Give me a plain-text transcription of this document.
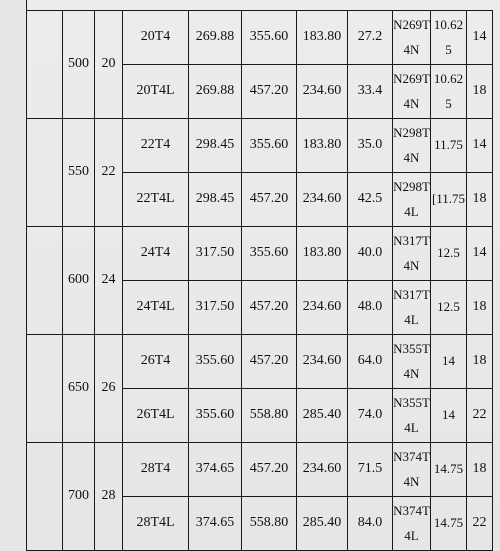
	500	20	20T4	269.88	355.60	183.80	27.2	N269T4N	10.625	14
			20T4L	269.88	457.20	234.60	33.4	N269T4N	10.625	18
	550	22	22T4	298.45	355.60	183.80	35.0	N298T4N	11.75	14
			22T4L	298.45	457.20	234.60	42.5	N298T4L	[11.75	18
	600	24	24T4	317.50	355.60	183.80	40.0	N317T4N	12.5	14
			24T4L	317.50	457.20	234.60	48.0	N317T4L	12.5	18
	650	26	26T4	355.60	457.20	234.60	64.0	N355T4N	14	18
			26T4L	355.60	558.80	285.40	74.0	N355T4L	14	22
	700	28	28T4	374.65	457.20	234.60	71.5	N374T4N	14.75	18
			28T4L	374.65	558.80	285.40	84.0	N374T4L	14.75	22
